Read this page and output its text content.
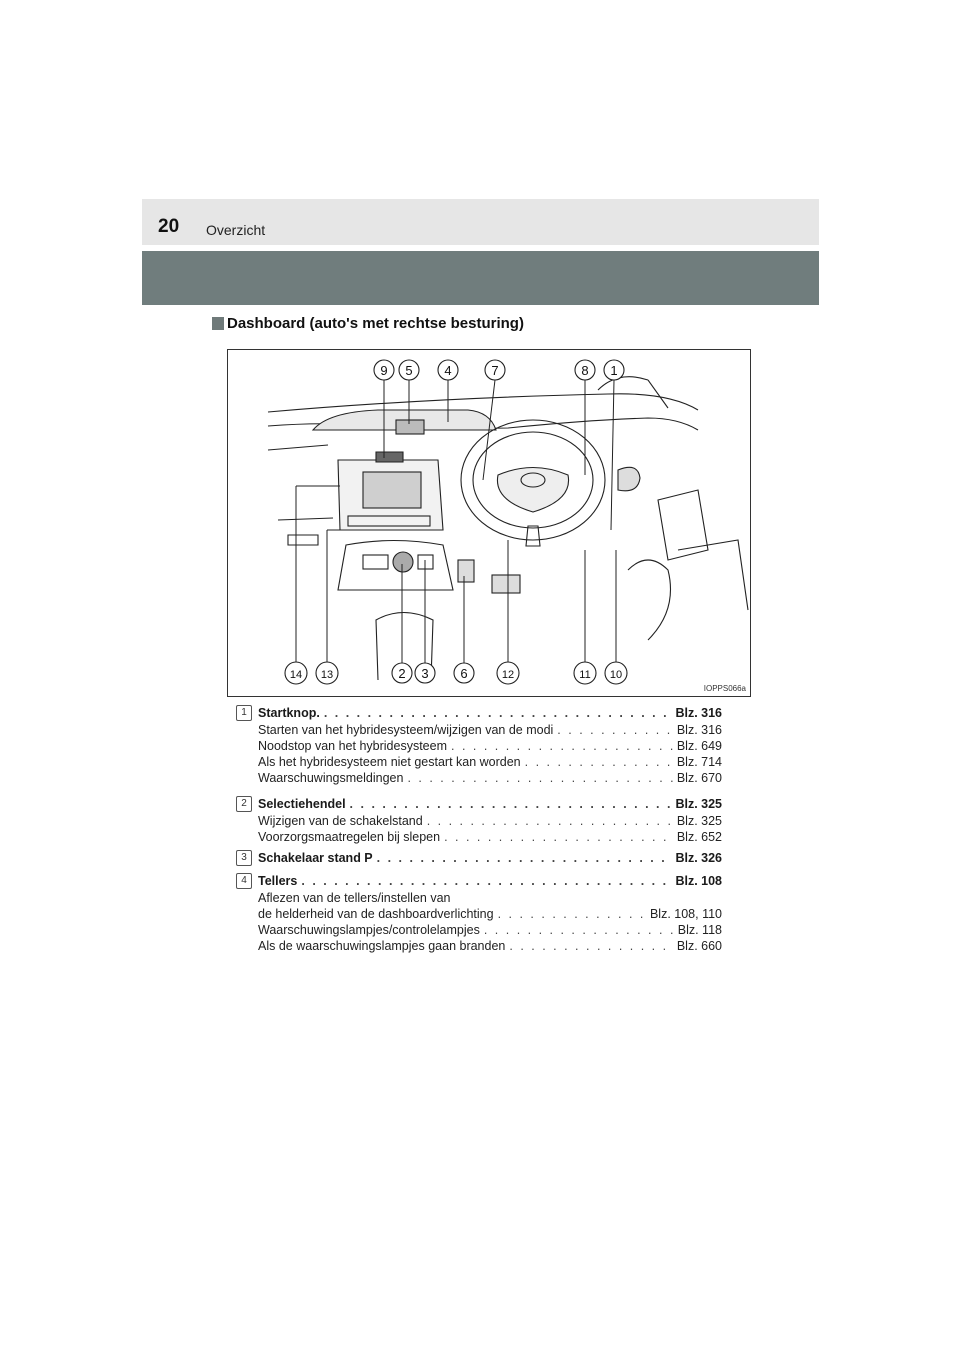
20 Overzicht
Dashboard (auto's met rechtse besturing)
9 5 4	7	8 1
14 13	2 3 6	12	11 10
IOPPS066a
1 Startknop. . . .	Blz. 316
Starten van het hybridesysteem/wijzigen van de modi . . .	Blz. 316
Noodstop van het hybridesysteem . . .	Blz. 649
Als het hybridesysteem niet gestart kan worden . . .	Blz. 714
Waarschuwingsmeldingen . . .	Blz. 670
2 Selectiehendel . . .	Blz. 325
Wijzigen van de schakelstand . . .	Blz. 325
Voorzorgsmaatregelen bij slepen . . .	Blz. 652
3 Schakelaar stand P . . .	Blz. 326
4 Tellers . . .	Blz. 108
Aflezen van de tellers/instellen van
de helderheid van de dashboardverlichting . . .	Blz. 108, 110
Waarschuwingslampjes/controlelampjes . . .	Blz. 118
Als de waarschuwingslampjes gaan branden . . .	Blz. 660
